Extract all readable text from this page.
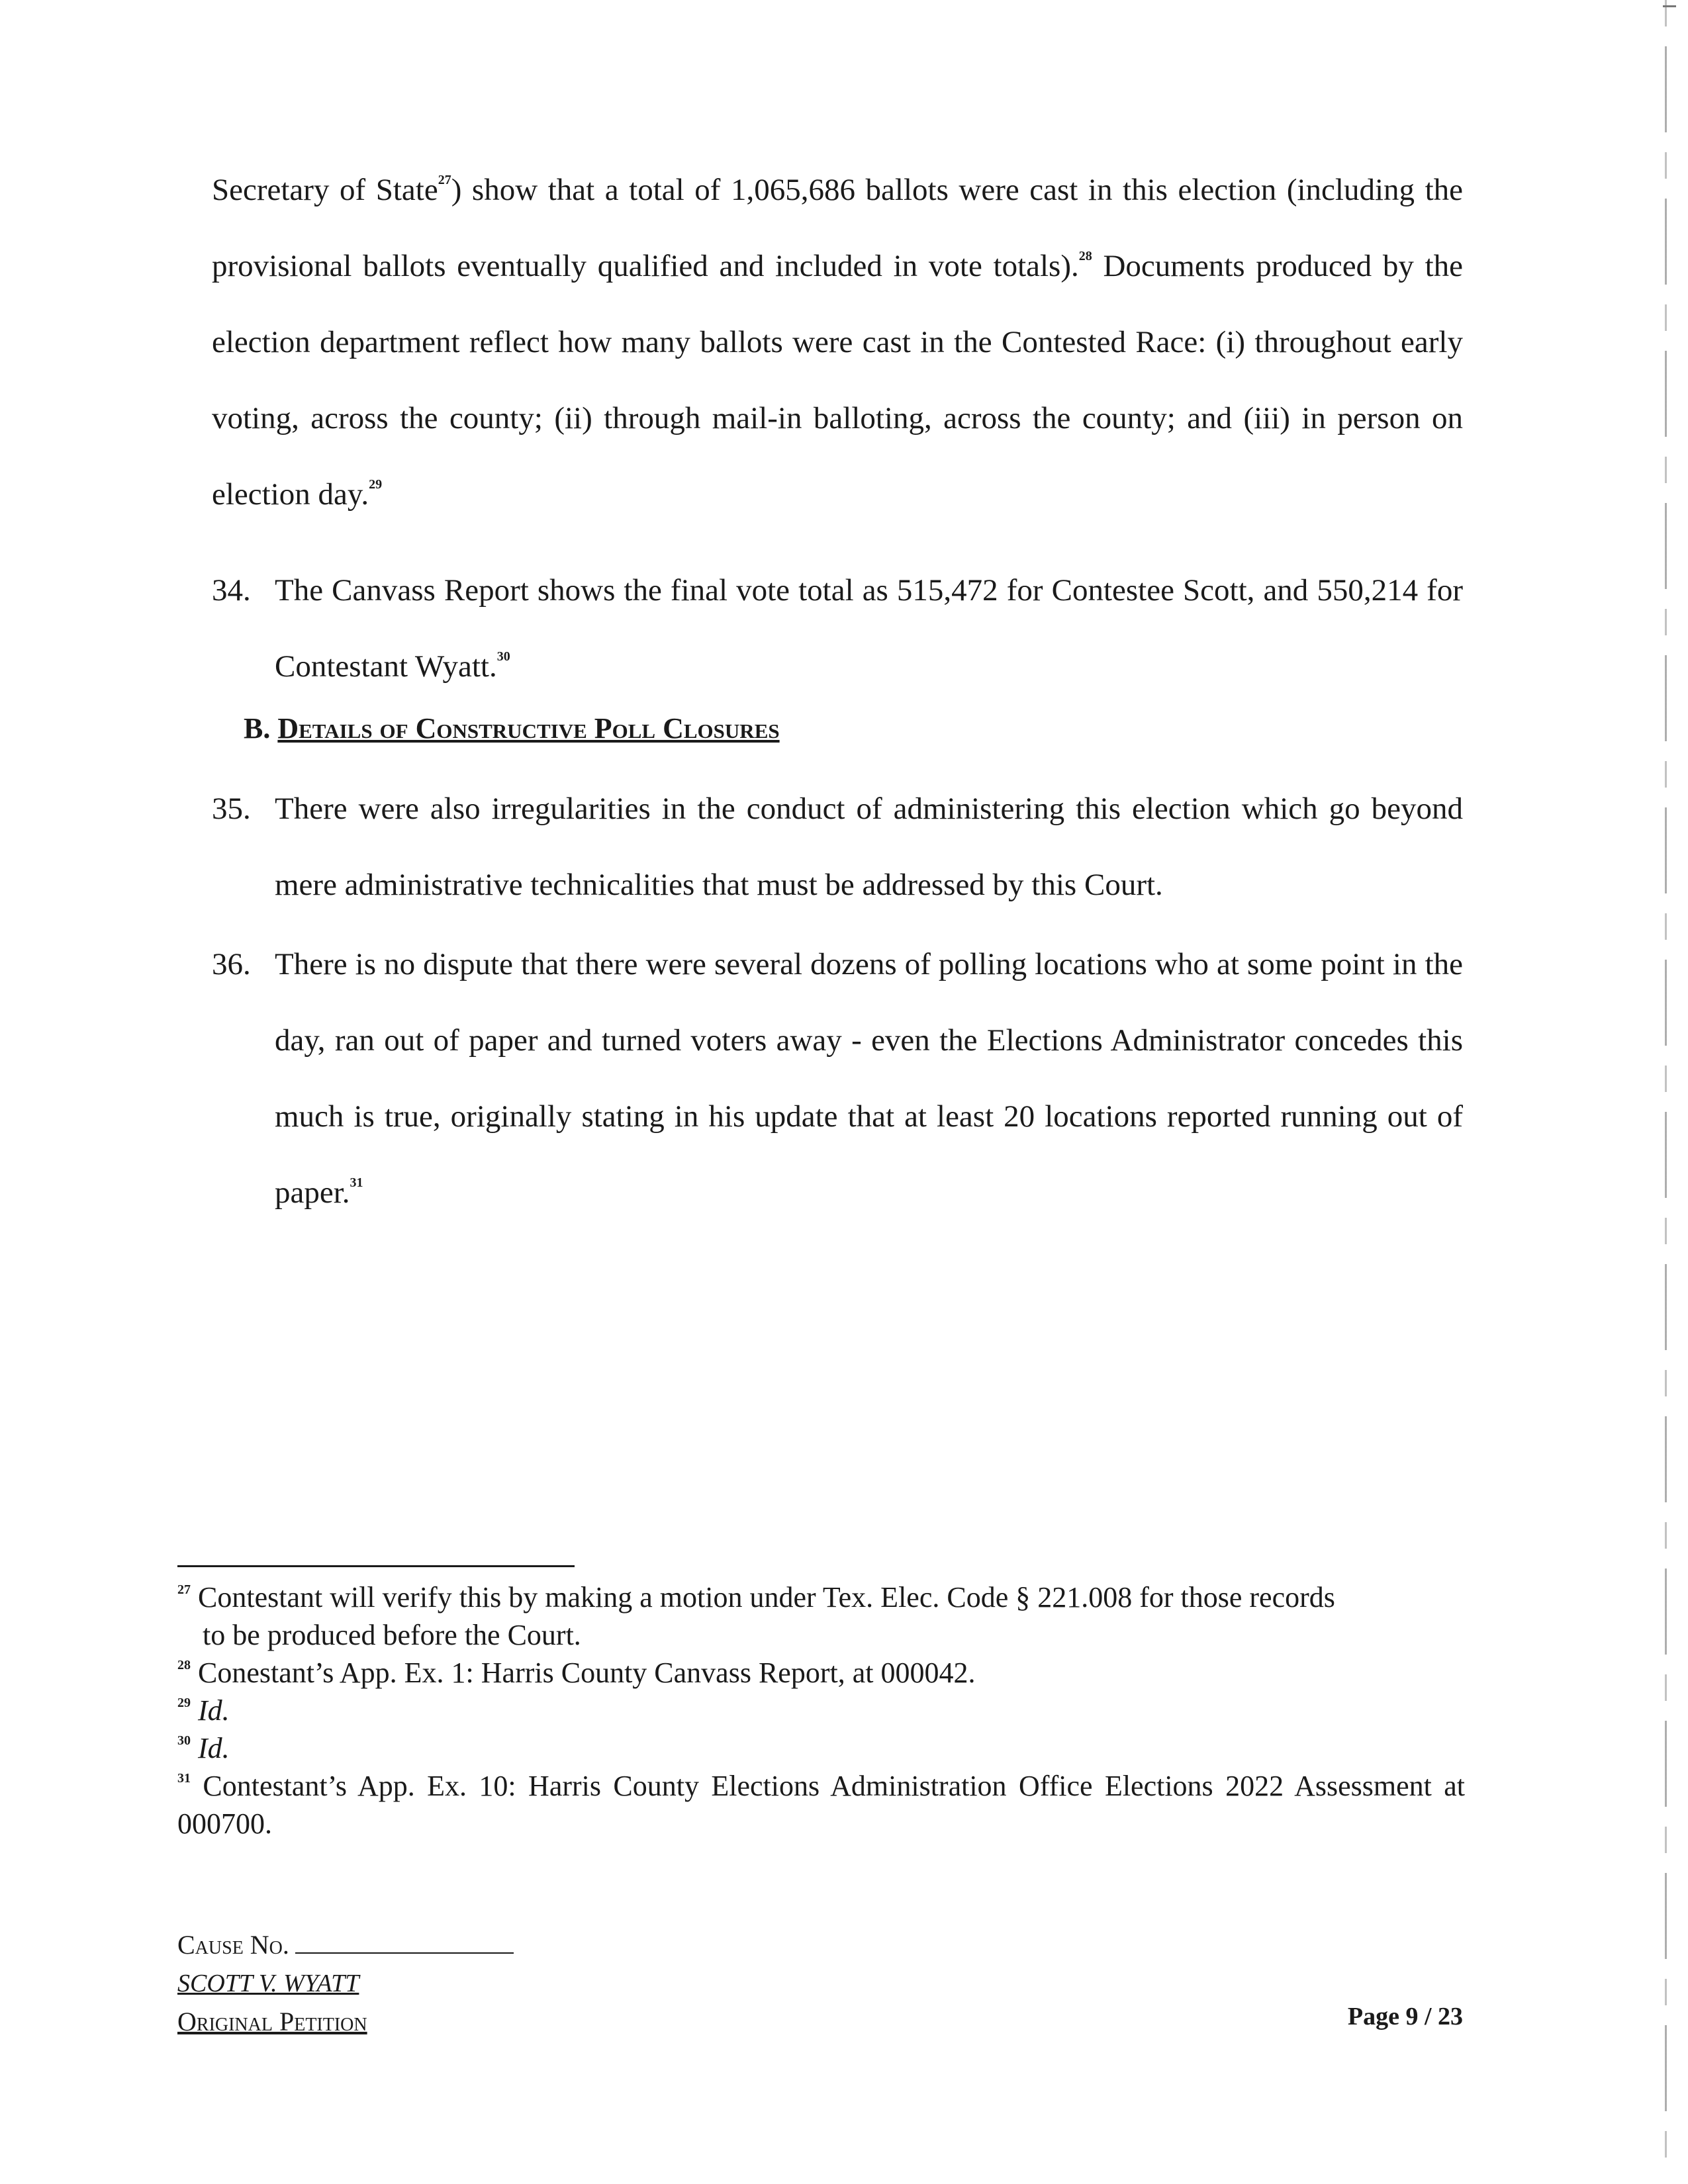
Secretary of State$^{27}$) show that a total of 1,065,686 ballots were cast in this election (including the provisional ballots eventually qualified and included in vote totals).$^{28}$ Documents produced by the election department reflect how many ballots were cast in the Contested Race: (i) throughout early voting, across the county; (ii) through mail-in balloting, across the county; and (iii) in person on election day.$^{29}$
34. The Canvass Report shows the final vote total as 515,472 for Contestee Scott, and 550,214 for Contestant Wyatt.$^{30}$
B. Details of Constructive Poll Closures
35. There were also irregularities in the conduct of administering this election which go beyond mere administrative technicalities that must be addressed by this Court.
36. There is no dispute that there were several dozens of polling locations who at some point in the day, ran out of paper and turned voters away - even the Elections Administrator concedes this much is true, originally stating in his update that at least 20 locations reported running out of paper.$^{31}$
$^{27}$ Contestant will verify this by making a motion under Tex. Elec. Code § 221.008 for those records
to be produced before the Court.
$^{28}$ Conestant’s App. Ex. 1: Harris County Canvass Report, at 000042.
$^{29}$ Id.
$^{30}$ Id.
$^{31}$ Contestant’s App. Ex. 10: Harris County Elections Administration Office Elections 2022 Assessment at 000700.
Cause No.
SCOTT V. WYATT
Original Petition	Page 9 / 23
